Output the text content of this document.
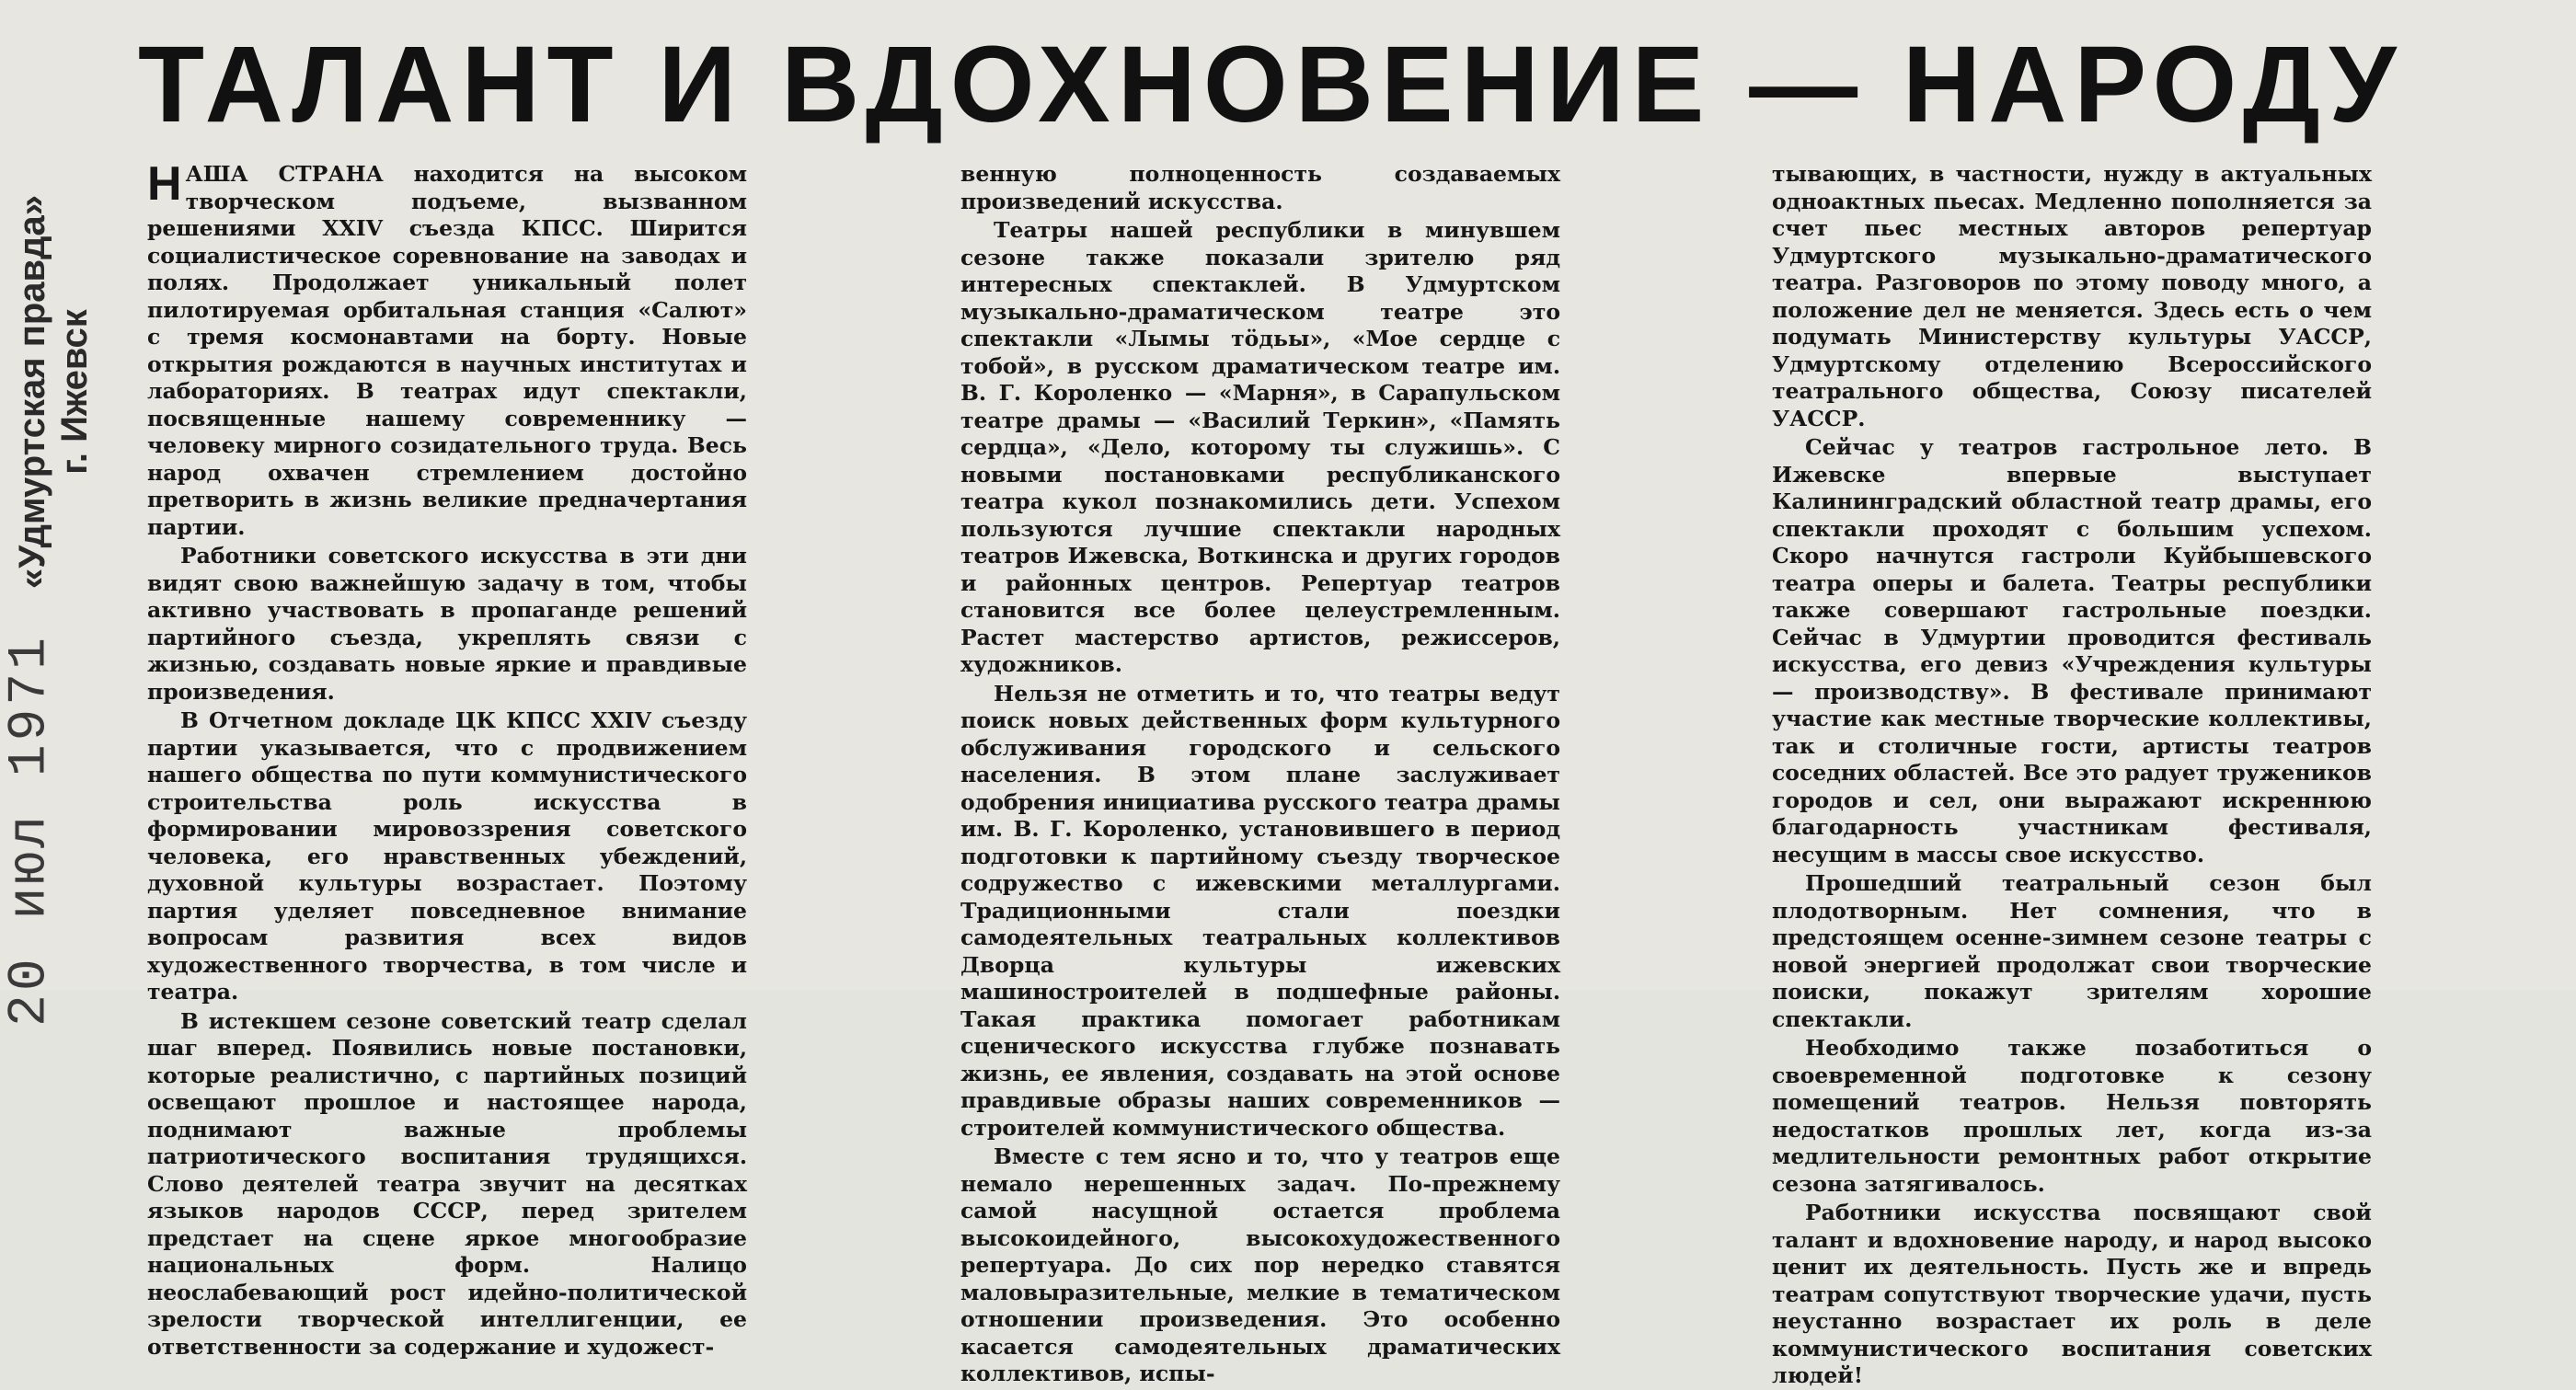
ТАЛАНТ И ВДОХНОВЕНИЕ — НАРОДУ
«Удмуртская правда» г. Ижевск
20 июл 1971

НАША СТРАНА находится на высоком творческом подъеме, вызванном решениями XXIV съезда КПСС. Ширится социалистическое соревнование на заводах и полях. Продолжает уникальный полет пилотируемая орбитальная станция «Салют» с тремя космонавтами на борту. Новые открытия рождаются в научных институтах и лабораториях. В театрах идут спектакли, посвященные нашему современнику — человеку мирного созидательного труда. Весь народ охвачен стремлением достойно претворить в жизнь великие предначертания партии.

Работники советского искусства в эти дни видят свою важнейшую задачу в том, чтобы активно участвовать в пропаганде решений партийного съезда, укреплять связи с жизнью, создавать новые яркие и правдивые произведения.

В Отчетном докладе ЦК КПСС XXIV съезду партии указывается, что с продвижением нашего общества по пути коммунистического строительства роль искусства в формировании мировоззрения советского человека, его нравственных убеждений, духовной культуры возрастает. Поэтому партия уделяет повседневное внимание вопросам развития всех видов художественного творчества, в том числе и театра.

В истекшем сезоне советский театр сделал шаг вперед. Появились новые постановки, которые реалистично, с партийных позиций освещают прошлое и настоящее народа, поднимают важные проблемы патриотического воспитания трудящихся. Слово деятелей театра звучит на десятках языков народов СССР, перед зрителем предстает на сцене яркое многообразие национальных форм. Налицо неослабевающий рост идейно-политической зрелости творческой интеллигенции, ее ответственности за содержание и художест-

венную полноценность создаваемых произведений искусства.

Театры нашей республики в минувшем сезоне также показали зрителю ряд интересных спектаклей. В Удмуртском музыкально-драматическом театре это спектакли «Лымы тӧдьы», «Мое сердце с тобой», в русском драматическом театре им. В. Г. Короленко — «Марня», в Сарапульском театре драмы — «Василий Теркин», «Память сердца», «Дело, которому ты служишь». С новыми постановками республиканского театра кукол познакомились дети. Успехом пользуются лучшие спектакли народных театров Ижевска, Воткинска и других городов и районных центров. Репертуар театров становится все более целеустремленным. Растет мастерство артистов, режиссеров, художников.

Нельзя не отметить и то, что театры ведут поиск новых действенных форм культурного обслуживания городского и сельского населения. В этом плане заслуживает одобрения инициатива русского театра драмы им. В. Г. Короленко, установившего в период подготовки к партийному съезду творческое содружество с ижевскими металлургами. Традиционными стали поездки самодеятельных театральных коллективов Дворца культуры ижевских машиностроителей в подшефные районы. Такая практика помогает работникам сценического искусства глубже познавать жизнь, ее явления, создавать на этой основе правдивые образы наших современников — строителей коммунистического общества.

Вместе с тем ясно и то, что у театров еще немало нерешенных задач. По-прежнему самой насущной остается проблема высокоидейного, высокохудожественного репертуара. До сих пор нередко ставятся маловыразительные, мелкие в тематическом отношении произведения. Это особенно касается самодеятельных драматических коллективов, испы-

тывающих, в частности, нужду в актуальных одноактных пьесах. Медленно пополняется за счет пьес местных авторов репертуар Удмуртского музыкально-драматического театра. Разговоров по этому поводу много, а положение дел не меняется. Здесь есть о чем подумать Министерству культуры УАССР, Удмуртскому отделению Всероссийского театрального общества, Союзу писателей УАССР.

Сейчас у театров гастрольное лето. В Ижевске впервые выступает Калининградский областной театр драмы, его спектакли проходят с большим успехом. Скоро начнутся гастроли Куйбышевского театра оперы и балета. Театры республики также совершают гастрольные поездки. Сейчас в Удмуртии проводится фестиваль искусства, его девиз «Учреждения культуры — производству». В фестивале принимают участие как местные творческие коллективы, так и столичные гости, артисты театров соседних областей. Все это радует тружеников городов и сел, они выражают искреннюю благодарность участникам фестиваля, несущим в массы свое искусство.

Прошедший театральный сезон был плодотворным. Нет сомнения, что в предстоящем осенне-зимнем сезоне театры с новой энергией продолжат свои творческие поиски, покажут зрителям хорошие спектакли.

Необходимо также позаботиться о своевременной подготовке к сезону помещений театров. Нельзя повторять недостатков прошлых лет, когда из-за медлительности ремонтных работ открытие сезона затягивалось.

Работники искусства посвящают свой талант и вдохновение народу, и народ высоко ценит их деятельность. Пусть же и впредь театрам сопутствуют творческие удачи, пусть неустанно возрастает их роль в деле коммунистического воспитания советских людей!
